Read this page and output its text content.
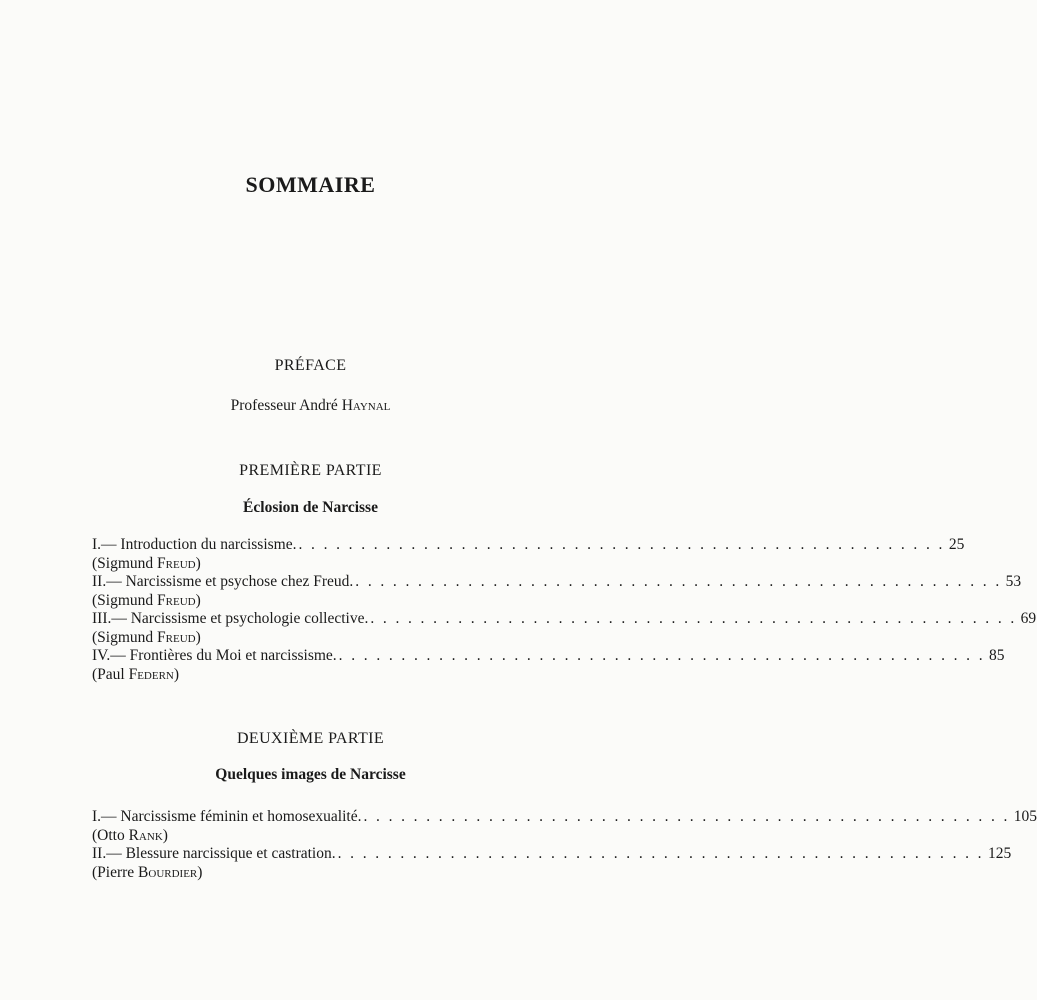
SOMMAIRE
PRÉFACE
Professeur André Haynal
PREMIÈRE PARTIE
Éclosion de Narcisse
I.— Introduction du narcissisme. . . . . . . . . . . . . . . . . . . . . . . . . . . . . . . . . . . . . . . . . . . . . . . . . . . . . 25
(Sigmund Freud)
II.— Narcissisme et psychose chez Freud. . . . . . . . . . . . . . . . . . . . . . . . . . . . . . . . . . . . . . . . . . . . . . . . . . . . . 53
(Sigmund Freud)
III.— Narcissisme et psychologie collective. . . . . . . . . . . . . . . . . . . . . . . . . . . . . . . . . . . . . . . . . . . . . . . . . . . . . 69
(Sigmund Freud)
IV.— Frontières du Moi et narcissisme. . . . . . . . . . . . . . . . . . . . . . . . . . . . . . . . . . . . . . . . . . . . . . . . . . . . . 85
(Paul Federn)
DEUXIÈME PARTIE
Quelques images de Narcisse
I.— Narcissisme féminin et homosexualité. . . . . . . . . . . . . . . . . . . . . . . . . . . . . . . . . . . . . . . . . . . . . . . . . . . . . 105
(Otto Rank)
II.— Blessure narcissique et castration. . . . . . . . . . . . . . . . . . . . . . . . . . . . . . . . . . . . . . . . . . . . . . . . . . . . . 125
(Pierre Bourdier)
